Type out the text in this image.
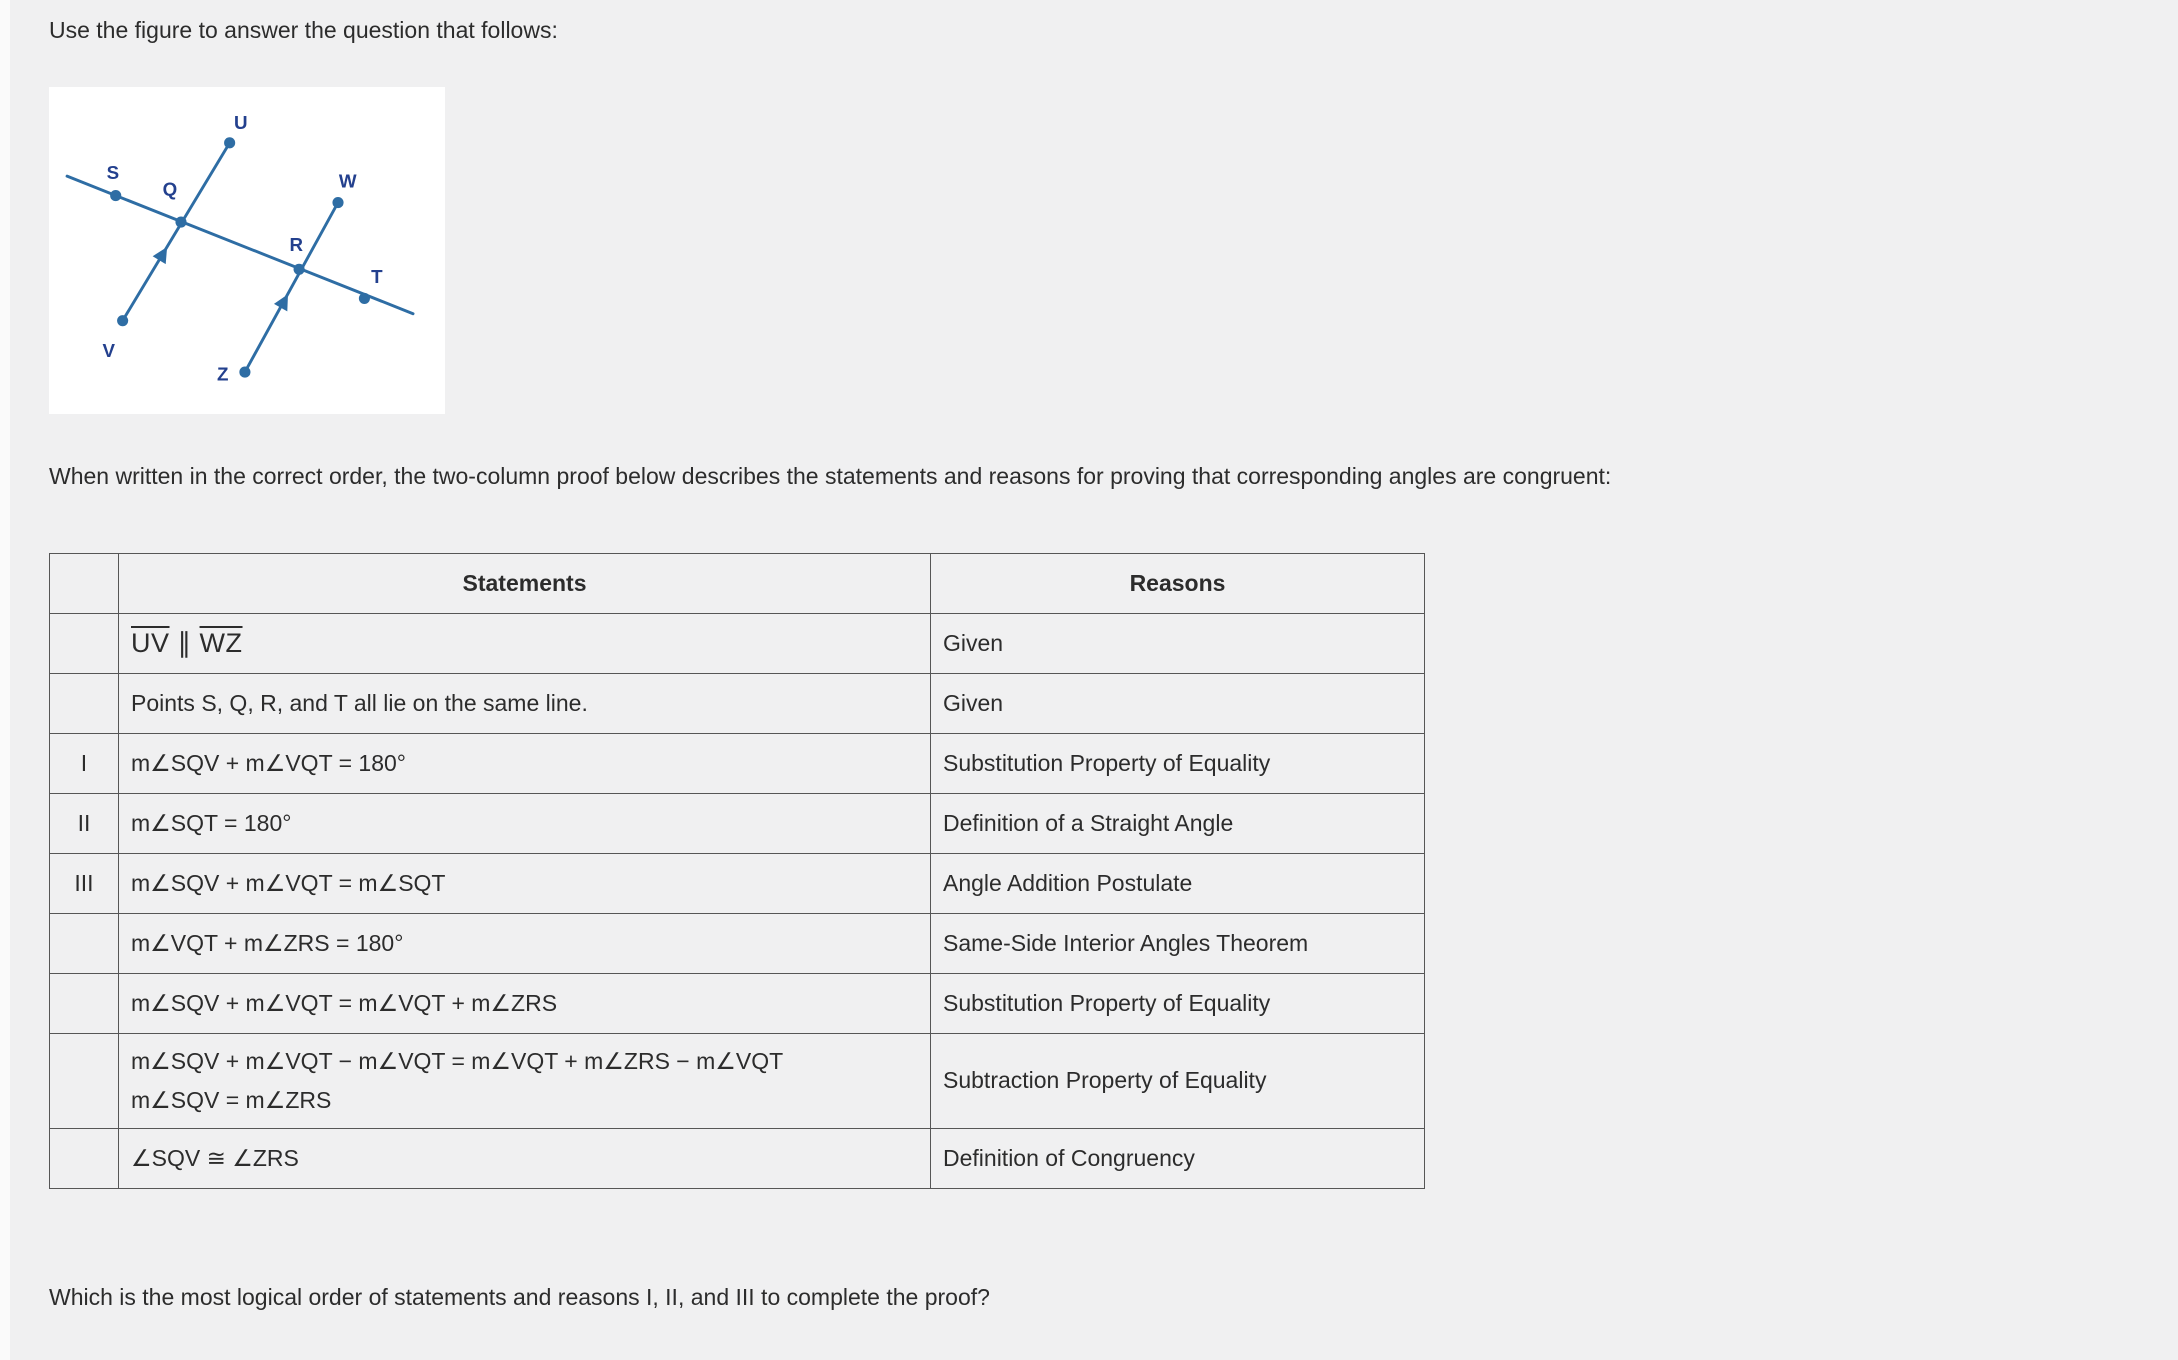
Use the figure to answer the question that follows:

S
Q
U
W
R
T
V
Z

When written in the correct order, the two-column proof below describes the statements and reasons for proving that corresponding angles are congruent:

	Statements	Reasons

	$\overline{UV}$ ∥ $\overline{WZ}$	Given

	Points S, Q, R, and T all lie on the same line.	Given
I	m∠SQV + m∠VQT = 180°	Substitution Property of Equality
II	m∠SQT = 180°	Definition of a Straight Angle
III	m∠SQV + m∠VQT = m∠SQT	Angle Addition Postulate

	m∠VQT + m∠ZRS = 180°	Same-Side Interior Angles Theorem

	m∠SQV + m∠VQT = m∠VQT + m∠ZRS	Substitution Property of Equality

	m∠SQV + m∠VQT − m∠VQT = m∠VQT + m∠ZRS − m∠VQT
m∠SQV = m∠ZRS	Subtraction Property of Equality

	∠SQV ≅ ∠ZRS	Definition of Congruency

Which is the most logical order of statements and reasons I, II, and III to complete the proof?
